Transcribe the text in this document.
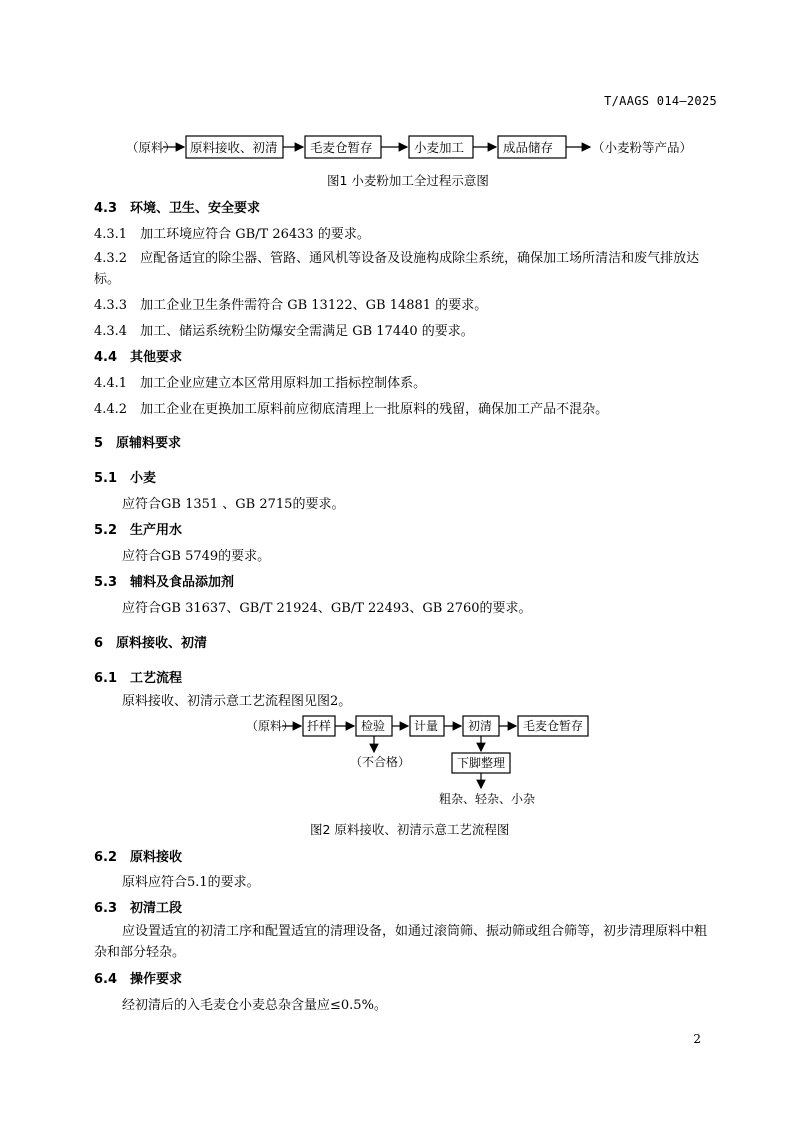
T/AAGS 014—2025
（原料） 原料接收、初清	毛麦仓暂存	小麦加工	成品储存	（小麦粉等产品）
图1 小麦粉加工全过程示意图
4.3　环境、卫生、安全要求
4.3.1　加工环境应符合 GB/T 26433 的要求。
4.3.2　应配备适宜的除尘器、管路、通风机等设备及设施构成除尘系统，确保加工场所清洁和废气排放达标。
4.3.3　加工企业卫生条件需符合 GB 13122、GB 14881 的要求。
4.3.4　加工、储运系统粉尘防爆安全需满足 GB 17440 的要求。
4.4　其他要求
4.4.1　加工企业应建立本区常用原料加工指标控制体系。
4.4.2　加工企业在更换加工原料前应彻底清理上一批原料的残留，确保加工产品不混杂。
5　原辅料要求
5.1　小麦
应符合GB 1351 、GB 2715的要求。
5.2　生产用水
应符合GB 5749的要求。
5.3　辅料及食品添加剂
应符合GB 31637、GB/T 21924、GB/T 22493、GB 2760的要求。
6　原料接收、初清
6.1　工艺流程
原料接收、初清示意工艺流程图见图2。
（原料） 扦样 检验 计量 初清	毛麦仓暂存
（不合格）	下脚整理
粗杂、轻杂、小杂
图2 原料接收、初清示意工艺流程图
6.2　原料接收
原料应符合5.1的要求。
6.3　初清工段
应设置适宜的初清工序和配置适宜的清理设备，如通过滚筒筛、振动筛或组合筛等，初步清理原料中粗杂和部分轻杂。
6.4　操作要求
经初清后的入毛麦仓小麦总杂含量应≤0.5%。
2
